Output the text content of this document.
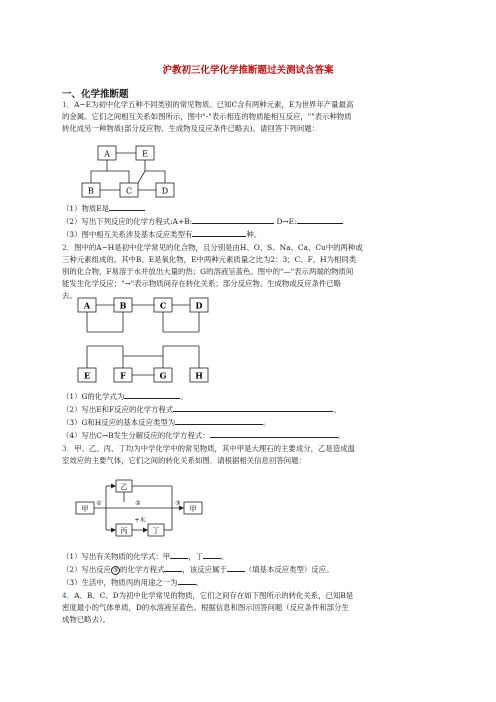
沪教初三化学化学推断题过关测试含答案
一、化学推断题

1．A~E为初中化学五种不同类别的常见物质。已知C含有两种元素，E为世界年产量最高

的金属。它们之间相互关系如图所示，图中"-"表示相连的物质能相互反应，""表示种物质

转化成另一种物质(部分反应物、生成物及反应条件已略去)。请回答下列问题：

A	E
B	C	D

（1）物质E是

（2）写出下列反应的化学方程式:A+B:	D→E:

（3）图中相互关系涉及基本反应类型有	种。

2．图中的A~H是初中化学常见的化合物，且分别是由H、O、S、Na、Ca、Cu中的两种或

三种元素组成的。其中B、E是氧化物，E中两种元素质量之比为2：3；C、F、H为相同类

别的化合物，F易溶于水并放出大量的热；G的溶液呈蓝色。图中的"—"表示两端的物质间

能发生化学反应；"→"表示物质间存在转化关系；部分反应物、生成物或反应条件已略

去。

A	B	C	D
E	F	G	H

（1）G的化学式为	。

（2）写出E和F反应的化学方程式	。

（3）G和H反应的基本反应类型为	。

（4）写出C→B发生分解反应的化学方程式：	。

3．甲、乙、丙、丁均为中学化学中的常见物质，其中甲是大理石的主要成分，乙是造成温

室效应的主要气体，它们之间的转化关系如图．请根据相关信息回答问题：

甲
乙
丙	丁
甲
①	②	③
+水

（1）写出有关物质的化学式：甲 ，丁 。

（2）写出反应 ③ 的化学方程式 ，该反应属于 （填基本反应类型）反应。

（3）生活中，物质丙的用途之一为 。

4．A、B、C、D为初中化学常见的物质，它们之间存在如下图所示的转化关系，已知B是

密度最小的气体单质，D的水溶液呈蓝色。根据信息和图示回答问题（反应条件和部分生

成物已略去）。
